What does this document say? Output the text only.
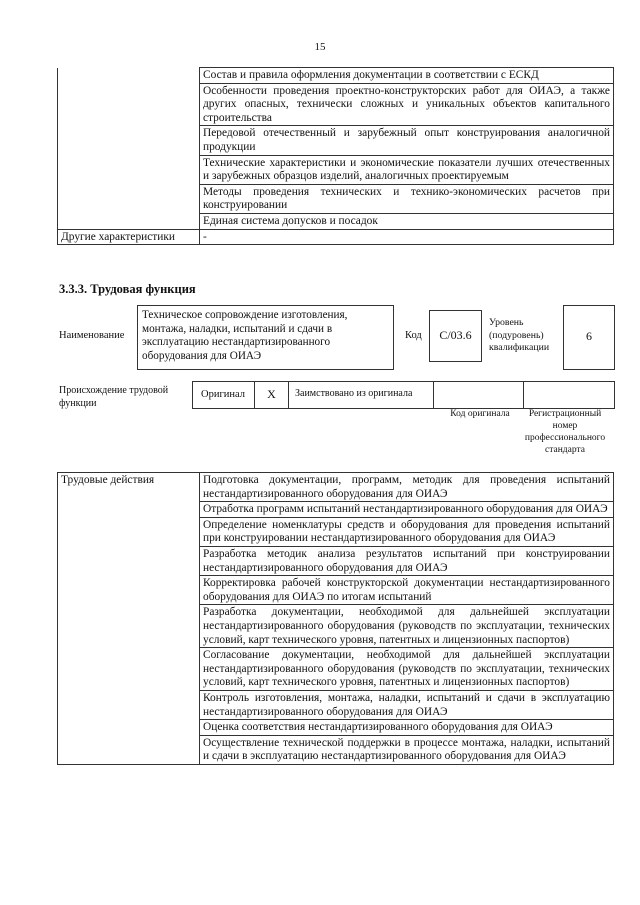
15
	Состав и правила оформления документации в соответствии с ЕСКД
	Особенности проведения проектно-конструкторских работ для ОИАЭ, а также других опасных, технически сложных и уникальных объектов капитального строительства
	Передовой отечественный и зарубежный опыт конструирования аналогичной продукции
	Технические характеристики и экономические показатели лучших отечественных и зарубежных образцов изделий, аналогичных проектируемым
	Методы проведения технических и технико-экономических расчетов при конструировании
	Единая система допусков и посадок
Другие характеристики	-
3.3.3. Трудовая функция
Наименование
Техническое сопровождение изготовления, монтажа, наладки, испытаний и сдачи в эксплуатацию нестандартизированного оборудования для ОИАЭ
Код	С/03.6
Уровень (подуровень) квалификации
6
Происхождение трудовой функции
Оригинал	X	Заимствовано из оригинала
Код оригинала	Регистрационный номер профессионального стандарта
Трудовые действия	Подготовка документации, программ, методик для проведения испытаний нестандартизированного оборудования для ОИАЭ
Отработка программ испытаний нестандартизированного оборудования для ОИАЭ
Определение номенклатуры средств и оборудования для проведения испытаний при конструировании нестандартизированного оборудования для ОИАЭ
Разработка методик анализа результатов испытаний при конструировании нестандартизированного оборудования для ОИАЭ
Корректировка рабочей конструкторской документации нестандартизированного оборудования для ОИАЭ по итогам испытаний
Разработка документации, необходимой для дальнейшей эксплуатации нестандартизированного оборудования (руководств по эксплуатации, технических условий, карт технического уровня, патентных и лицензионных паспортов)
Согласование документации, необходимой для дальнейшей эксплуатации нестандартизированного оборудования (руководств по эксплуатации, технических условий, карт технического уровня, патентных и лицензионных паспортов)
Контроль изготовления, монтажа, наладки, испытаний и сдачи в эксплуатацию нестандартизированного оборудования для ОИАЭ
Оценка соответствия нестандартизированного оборудования для ОИАЭ
Осуществление технической поддержки в процессе монтажа, наладки, испытаний и сдачи в эксплуатацию нестандартизированного оборудования для ОИАЭ
